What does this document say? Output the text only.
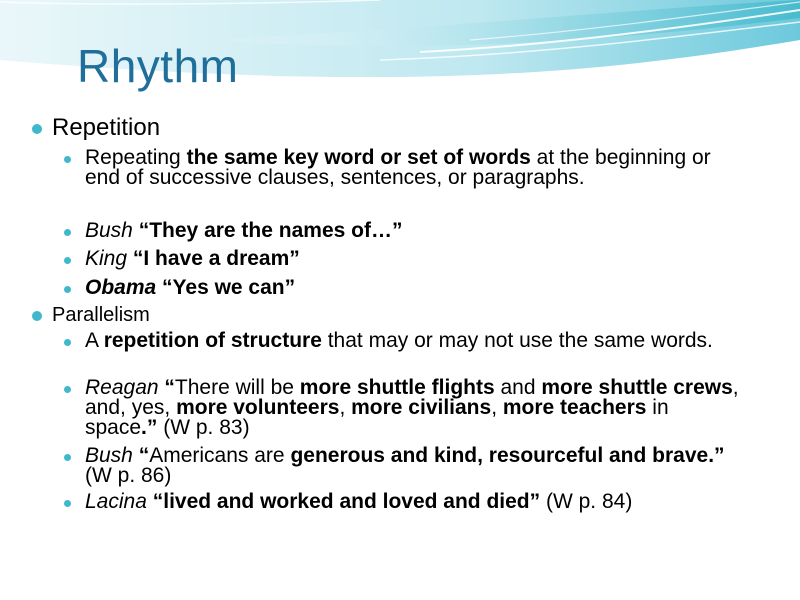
Rhythm
Repetition
Repeating the same key word or set of words at the beginning or end of successive clauses, sentences, or paragraphs.
Bush “They are the names of…”
King “I have a dream”
Obama “Yes we can”
Parallelism
A repetition of structure that may or may not use the same words.
Reagan “There will be more shuttle flights and more shuttle crews, and, yes, more volunteers, more civilians, more teachers in space.” (W p. 83)
Bush “Americans are generous and kind, resourceful and brave.” (W p. 86)
Lacina “lived and worked and loved and died” (W p. 84)
